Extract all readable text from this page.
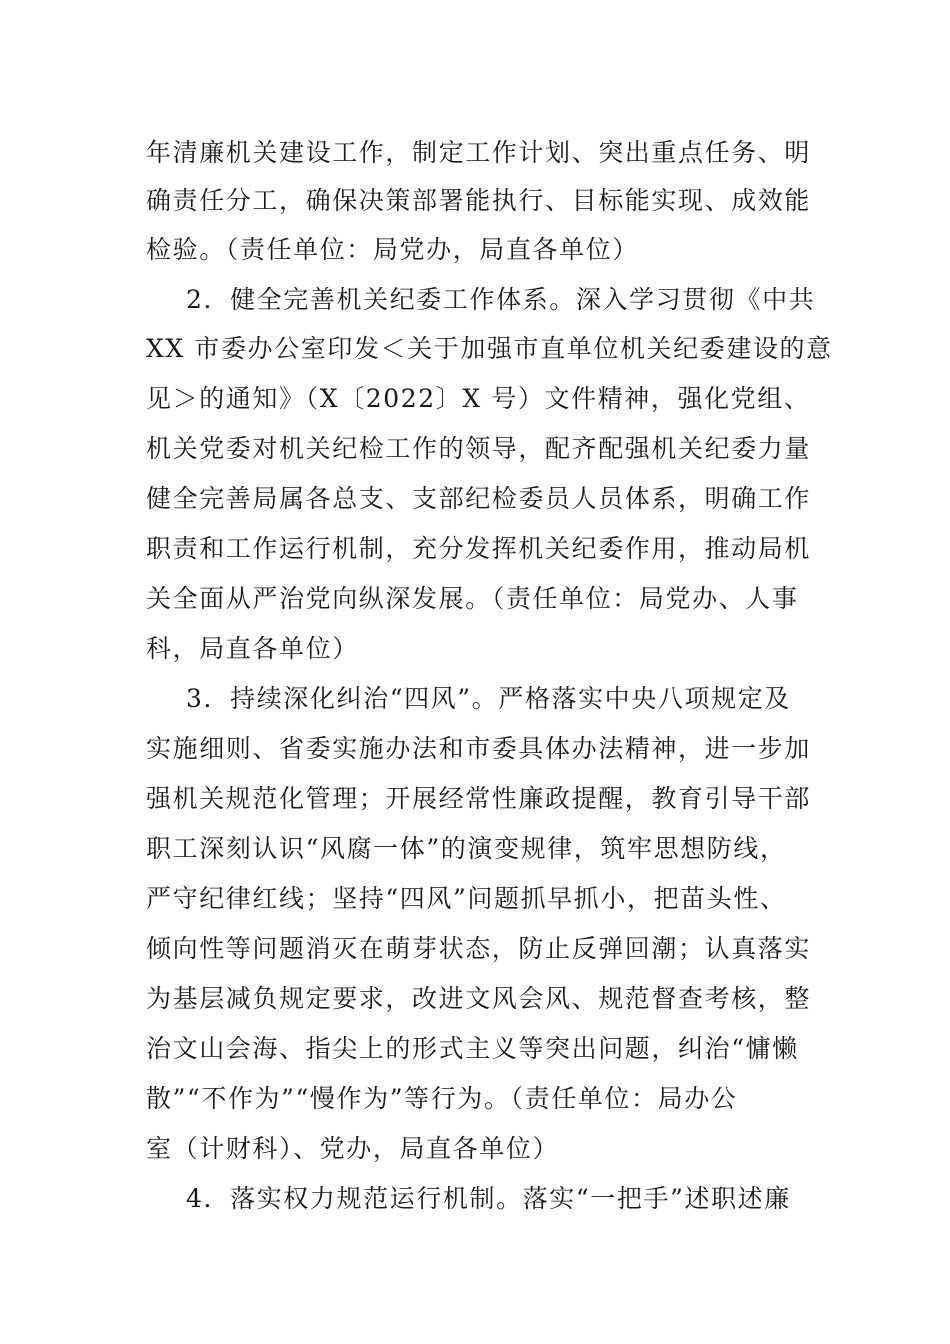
年清廉机关建设工作，制定工作计划、突出重点任务、明
确责任分工，确保决策部署能执行、目标能实现、成效能
检验。（责任单位：局党办，局直各单位）
2．健全完善机关纪委工作体系。深入学习贯彻《中共
XX 市委办公室印发＜关于加强市直单位机关纪委建设的意
见＞的通知》（X〔2022〕X 号）文件精神，强化党组、
机关党委对机关纪检工作的领导，配齐配强机关纪委力量
健全完善局属各总支、支部纪检委员人员体系，明确工作
职责和工作运行机制，充分发挥机关纪委作用，推动局机
关全面从严治党向纵深发展。（责任单位：局党办、人事
科，局直各单位）
3．持续深化纠治“四风”。严格落实中央八项规定及
实施细则、省委实施办法和市委具体办法精神，进一步加
强机关规范化管理；开展经常性廉政提醒，教育引导干部
职工深刻认识“风腐一体”的演变规律，筑牢思想防线，
严守纪律红线；坚持“四风”问题抓早抓小，把苗头性、
倾向性等问题消灭在萌芽状态，防止反弹回潮；认真落实
为基层减负规定要求，改进文风会风、规范督查考核，整
治文山会海、指尖上的形式主义等突出问题，纠治“慵懒
散”“不作为”“慢作为”等行为。（责任单位：局办公
室（计财科）、党办，局直各单位）
4．落实权力规范运行机制。落实“一把手”述职述廉
